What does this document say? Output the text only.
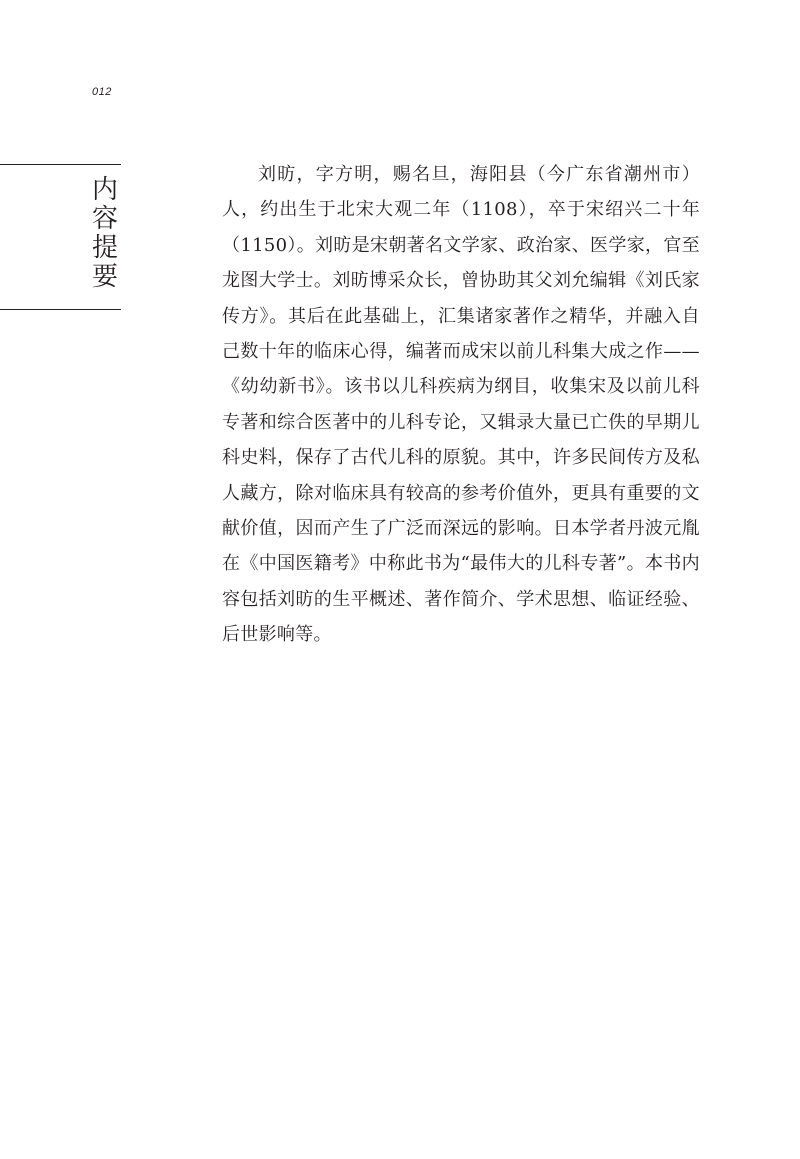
012
内
容
提
要

刘昉，字方明，赐名旦，海阳县（今广东省潮州市）人，约出生于北宋大观二年（1108），卒于宋绍兴二十年（1150）。刘昉是宋朝著名文学家、政治家、医学家，官至龙图大学士。刘昉博采众长，曾协助其父刘允编辑《刘氏家传方》。其后在此基础上，汇集诸家著作之精华，并融入自己数十年的临床心得，编著而成宋以前儿科集大成之作——《幼幼新书》。该书以儿科疾病为纲目，收集宋及以前儿科专著和综合医著中的儿科专论，又辑录大量已亡佚的早期儿科史料，保存了古代儿科的原貌。其中，许多民间传方及私人藏方，除对临床具有较高的参考价值外，更具有重要的文献价值，因而产生了广泛而深远的影响。日本学者丹波元胤在《中国医籍考》中称此书为“最伟大的儿科专著”。本书内容包括刘昉的生平概述、著作简介、学术思想、临证经验、后世影响等。
